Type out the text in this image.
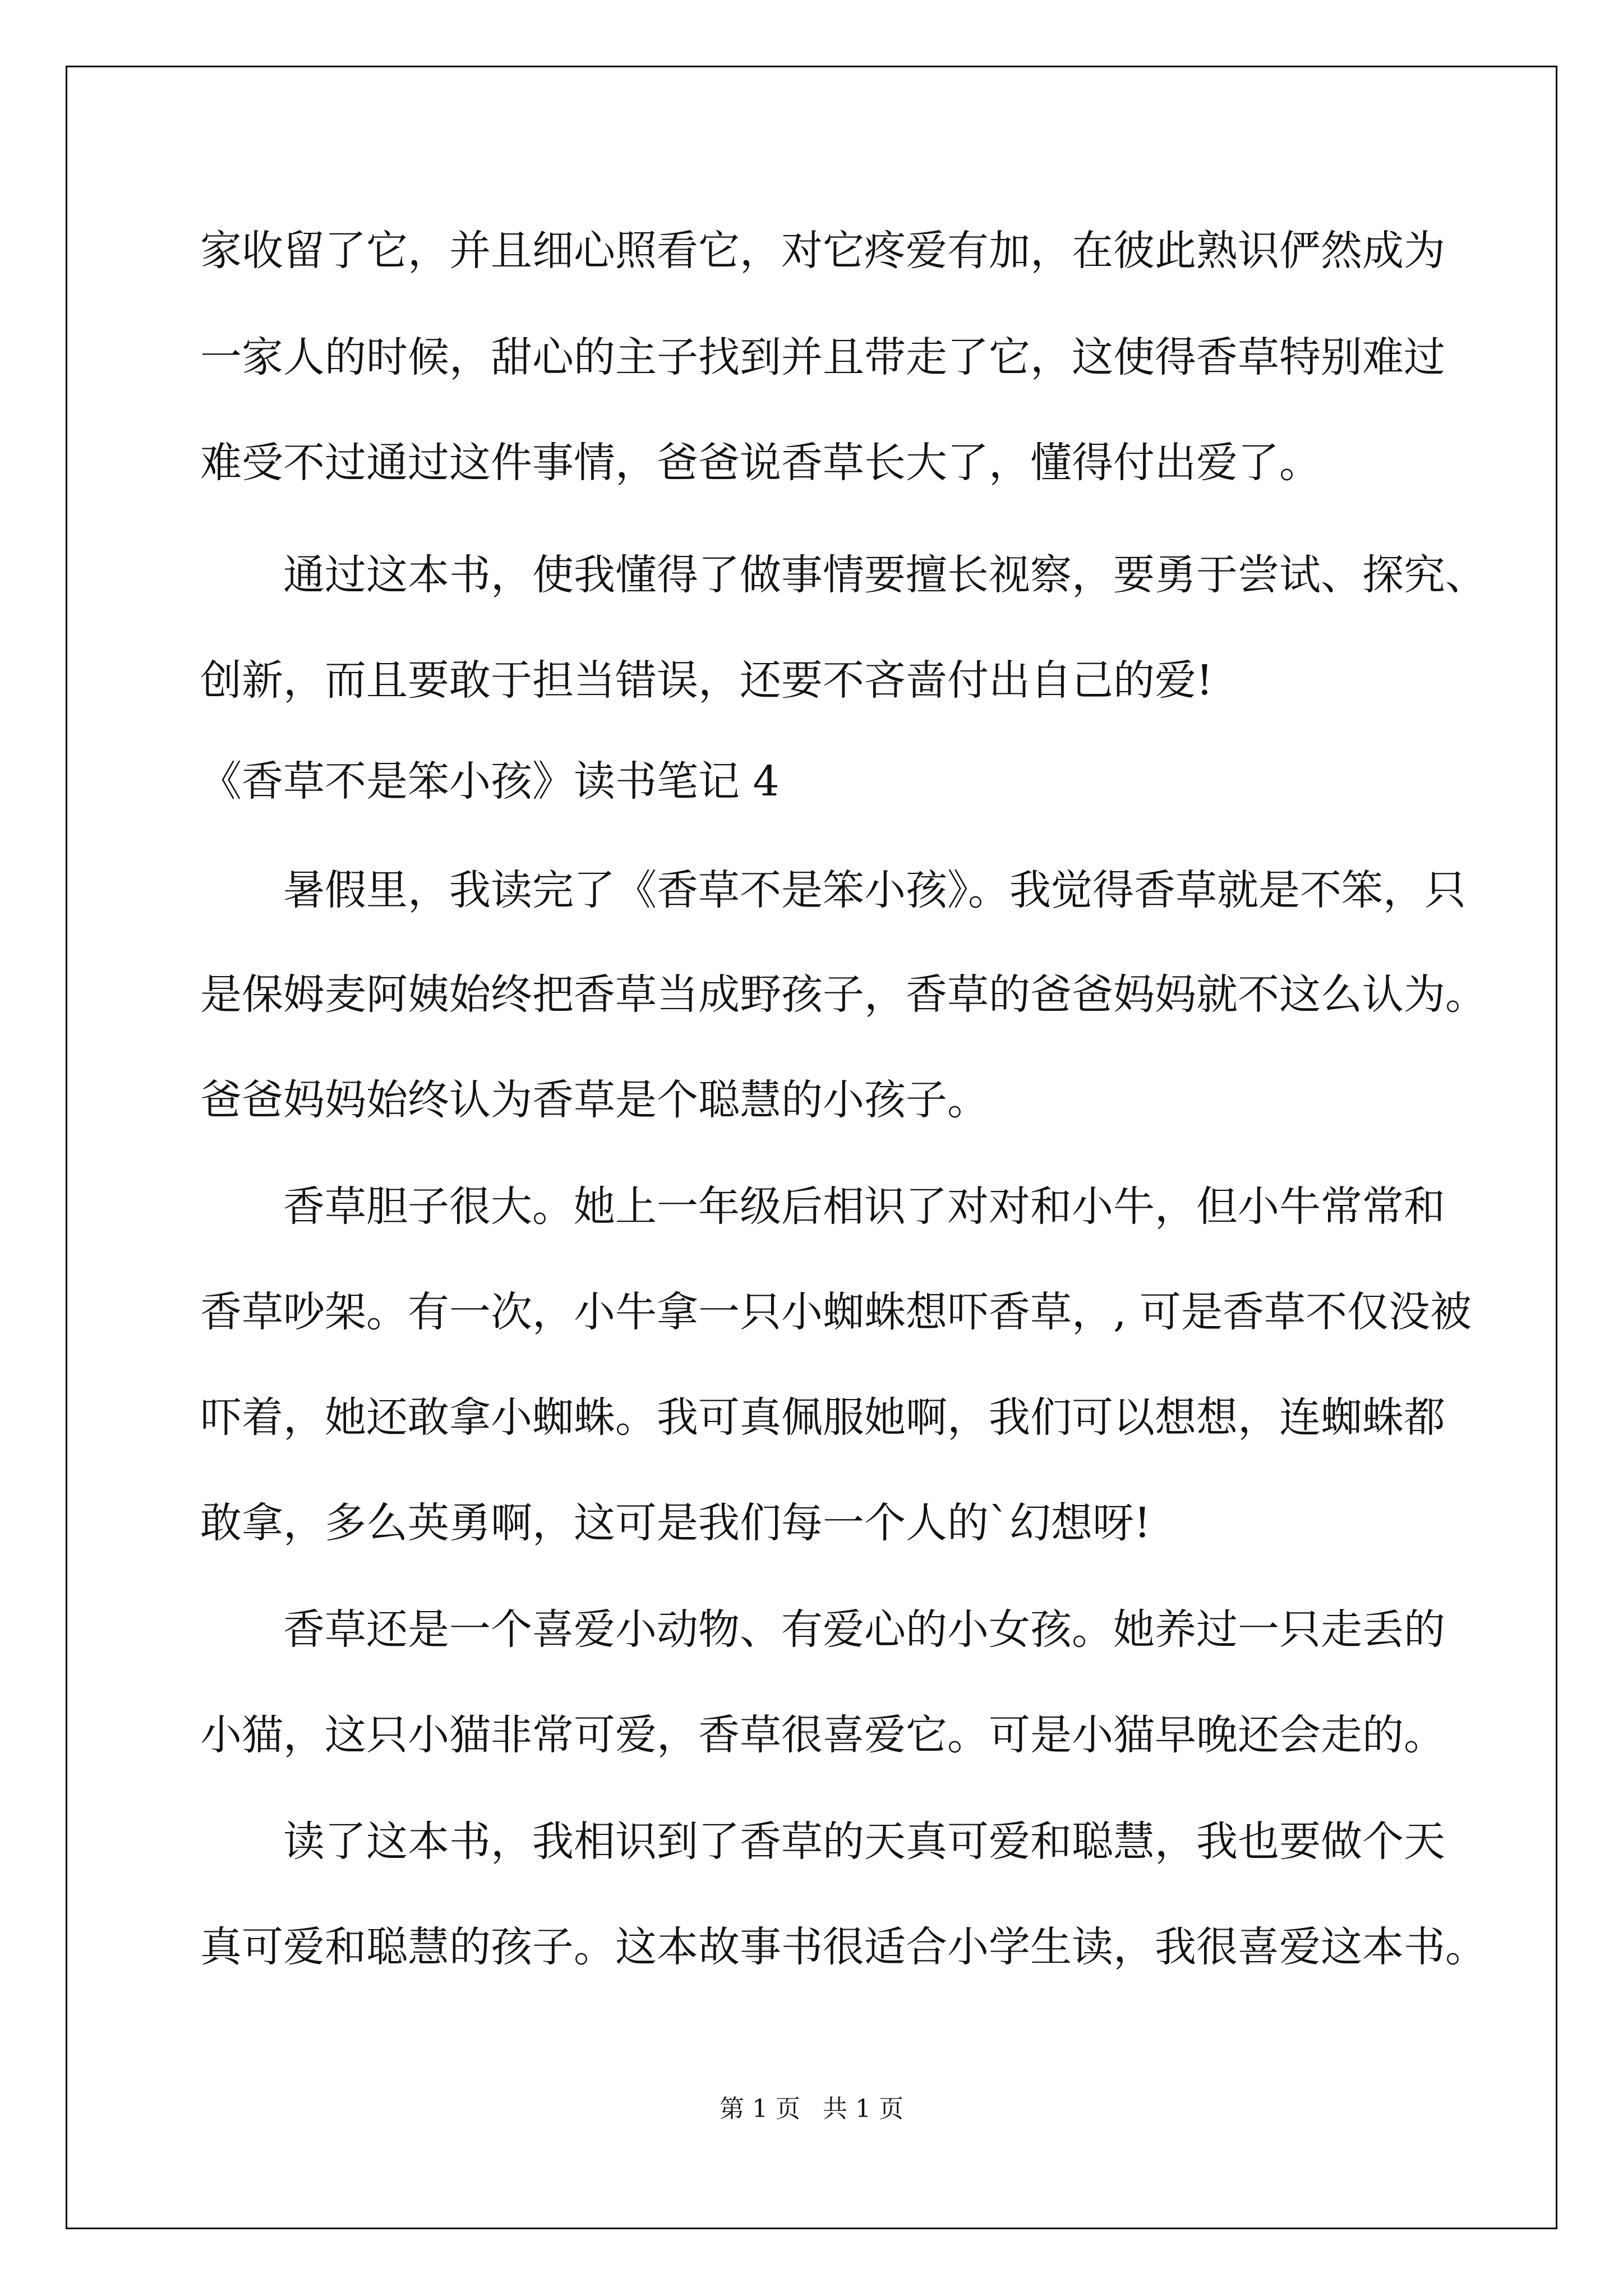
家收留了它，并且细心照看它，对它疼爱有加，在彼此熟识俨然成为

一家人的时候，甜心的主子找到并且带走了它，这使得香草特别难过

难受不过通过这件事情，爸爸说香草长大了，懂得付出爱了。

通过这本书，使我懂得了做事情要擅长视察，要勇于尝试、探究、

创新，而且要敢于担当错误，还要不吝啬付出自己的爱!

《香草不是笨小孩》读书笔记 4

暑假里，我读完了《香草不是笨小孩》。我觉得香草就是不笨，只

是保姆麦阿姨始终把香草当成野孩子，香草的爸爸妈妈就不这么认为。

爸爸妈妈始终认为香草是个聪慧的小孩子。

香草胆子很大。她上一年级后相识了对对和小牛，但小牛常常和

香草吵架。有一次，小牛拿一只小蜘蛛想吓香草，, 可是香草不仅没被

吓着，她还敢拿小蜘蛛。我可真佩服她啊，我们可以想想，连蜘蛛都

敢拿，多么英勇啊，这可是我们每一个人的`幻想呀!

香草还是一个喜爱小动物、有爱心的小女孩。她养过一只走丢的

小猫，这只小猫非常可爱，香草很喜爱它。可是小猫早晚还会走的。

读了这本书，我相识到了香草的天真可爱和聪慧，我也要做个天

真可爱和聪慧的孩子。这本故事书很适合小学生读，我很喜爱这本书。

第 1 页 共 1 页
